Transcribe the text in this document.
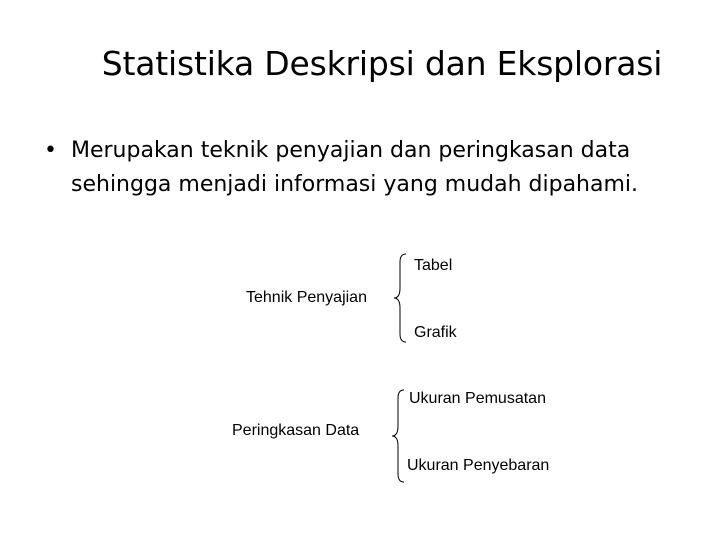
Statistika Deskripsi dan Eksplorasi
• Merupakan teknik penyajian dan peringkasan data
sehingga menjadi informasi yang mudah dipahami.
Tehnik Penyajian
Tabel
Grafik
Peringkasan Data
Ukuran Pemusatan
Ukuran Penyebaran
